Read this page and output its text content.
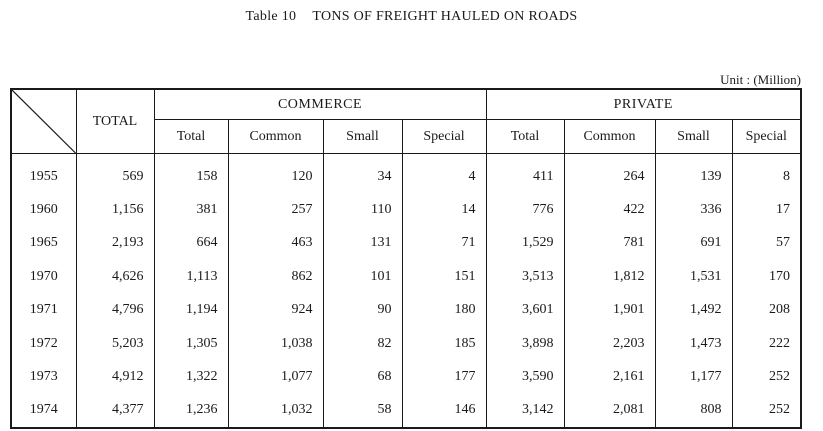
Table 10 TONS OF FREIGHT HAULED ON ROADS
Unit : (Million)
	TOTAL	COMMERCE				PRIVATE			
		Total	Common	Small	Special	Total	Common	Small	Special
1955	569	158	120	34	4	411	264	139	8
1960	1,156	381	257	110	14	776	422	336	17
1965	2,193	664	463	131	71	1,529	781	691	57
1970	4,626	1,113	862	101	151	3,513	1,812	1,531	170
1971	4,796	1,194	924	90	180	3,601	1,901	1,492	208
1972	5,203	1,305	1,038	82	185	3,898	2,203	1,473	222
1973	4,912	1,322	1,077	68	177	3,590	2,161	1,177	252
1974	4,377	1,236	1,032	58	146	3,142	2,081	808	252
